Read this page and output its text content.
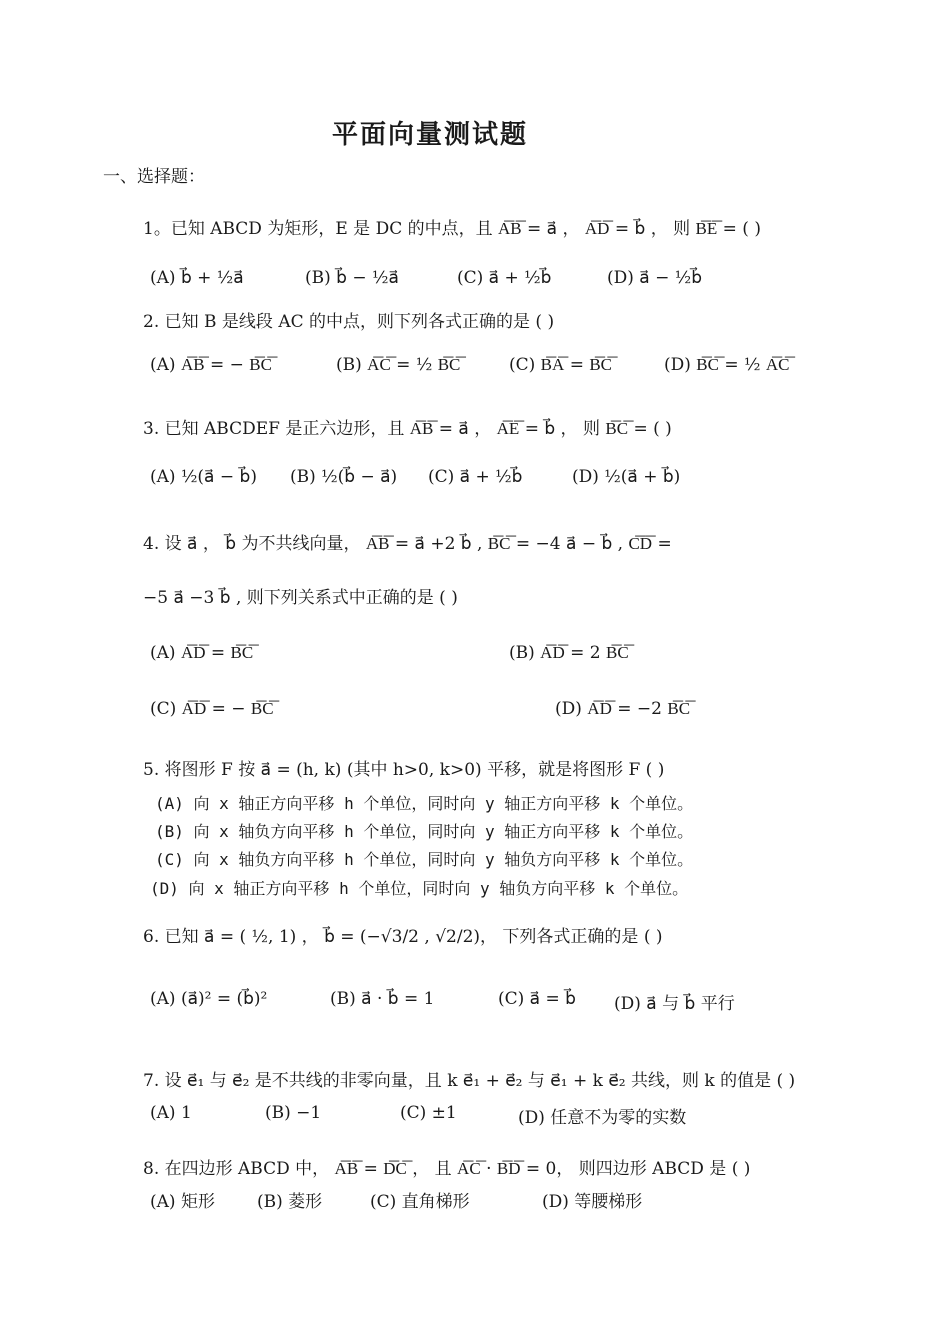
平面向量测试题
一、选择题：
1。已知 ABCD 为矩形，E 是 DC 的中点，且 A͞B͞ = a⃗ ， A͞D͞ = b⃗ ， 则 B͞E͞ = ( )
(A) b⃗ + ½a⃗	(B) b⃗ − ½a⃗	(C) a⃗ + ½b⃗	(D) a⃗ − ½b⃗
2. 已知 B 是线段 AC 的中点，则下列各式正确的是 ( )
(A) A͞B͞ = − B͞C͞	(B) A͞C͞ = ½ B͞C͞	(C) B͞A͞ = B͞C͞	(D) B͞C͞ = ½ A͞C͞
3. 已知 ABCDEF 是正六边形，且 A͞B͞ = a⃗ ， A͞E͞ = b⃗ ， 则 B͞C͞ = ( )
(A) ½(a⃗ − b⃗) (B) ½(b⃗ − a⃗) (C) a⃗ + ½b⃗	(D) ½(a⃗ + b⃗)
4. 设 a⃗ ， b⃗ 为不共线向量， A͞B͞ = a⃗ +2 b⃗ , B͞C͞ = −4 a⃗ − b⃗ , C͞D͞ =
−5 a⃗ −3 b⃗ , 则下列关系式中正确的是 ( )
(A) A͞D͞ = B͞C͞	(B) A͞D͞ = 2 B͞C͞
(C) A͞D͞ = − B͞C͞	(D) A͞D͞ = −2 B͞C͞
5. 将图形 F 按 a⃗ = (h, k) (其中 h>0, k>0) 平移，就是将图形 F ( )
(A) 向 x 轴正方向平移 h 个单位，同时向 y 轴正方向平移 k 个单位。
(B) 向 x 轴负方向平移 h 个单位，同时向 y 轴正方向平移 k 个单位。
(C) 向 x 轴负方向平移 h 个单位，同时向 y 轴负方向平移 k 个单位。
(D) 向 x 轴正方向平移 h 个单位，同时向 y 轴负方向平移 k 个单位。
6. 已知 a⃗ = ( ½, 1) ， b⃗ = (−√3/2 , √2/2)， 下列各式正确的是 ( )
(A) (a⃗)² = (b⃗)²	(B) a⃗ · b⃗ = 1	(C) a⃗ = b⃗ (D) a⃗ 与 b⃗ 平行
7. 设 e⃗₁ 与 e⃗₂ 是不共线的非零向量，且 k e⃗₁ + e⃗₂ 与 e⃗₁ + k e⃗₂ 共线，则 k 的值是 ( )
(A) 1	(B) −1	(C) ±1	(D) 任意不为零的实数
8. 在四边形 ABCD 中， A͞B͞ = D͞C͞ ， 且 A͞C͞ · B͞D͞ = 0， 则四边形 ABCD 是 ( )
(A) 矩形 (B) 菱形	(C) 直角梯形	(D) 等腰梯形
